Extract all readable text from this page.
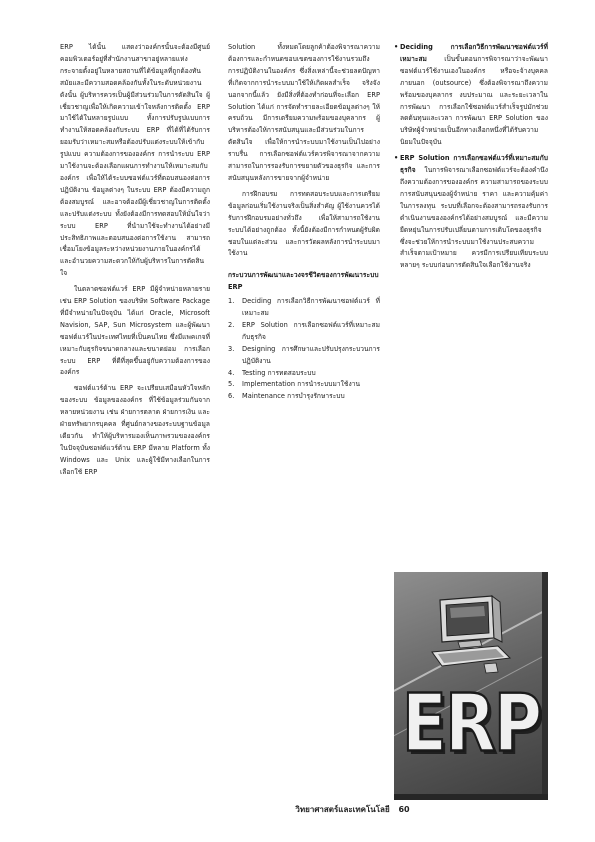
ERP ได้นั้น แสดงว่าองค์กรนั้นจะต้องมีศูนย์คอมพิวเตอร์อยู่ที่สำนักงานสาขาอยู่หลายแห่ง กระจายตั้งอยู่ในหลายสถานที่ได้ข้อมูลที่ถูกต้องทันสมัยและมีความสอดคล้องกันทั้งในระดับหน่วยงาน ดังนั้น ผู้บริหารควรเป็นผู้มีส่วนร่วมในการตัดสินใจ ผู้เชี่ยวชาญเพื่อให้เกิดความเข้าใจหลังการติดตั้ง ERP มาใช้ได้ในหลายรูปแบบ ทั้งการปรับรูปแบบการทำงานให้สอดคล้องกับระบบ ERP ที่ได้ที่ได้รับการยอมรับว่าเหมาะสมหรือต้องปรับแต่งระบบให้เข้ากับรูปแบบ ความต้องการขององค์กร การนำระบบ ERP มาใช้งานจะต้องเลือกแผนการทำงานให้เหมาะสมกับองค์กร เพื่อให้ได้ระบบซอฟต์แวร์ที่ตอบสนองต่อการปฏิบัติงาน ข้อมูลต่างๆ ในระบบ ERP ต้องมีความถูกต้องสมบูรณ์ และอาจต้องมีผู้เชี่ยวชาญในการติดตั้งและปรับแต่งระบบ ทั้งยังต้องมีการทดสอบให้มั่นใจว่าระบบ ERP ที่นำมาใช้จะทำงานได้อย่างมีประสิทธิภาพและตอบสนองต่อการใช้งาน สามารถเชื่อมโยงข้อมูลระหว่างหน่วยงานภายในองค์กรได้ และอำนวยความสะดวกให้กับผู้บริหารในการตัดสินใจ

ในตลาดซอฟต์แวร์ ERP มีผู้จำหน่ายหลายราย เช่น ERP Solution ของบริษัท Software Package ที่มีจำหน่ายในปัจจุบัน ได้แก่ Oracle, Microsoft Navision, SAP, Sun Microsystem และผู้พัฒนาซอฟต์แวร์ในประเทศไทยที่เป็นคนไทย ซึ่งมีแพคเกจที่เหมาะกับธุรกิจขนาดกลางและขนาดย่อม การเลือกระบบ ERP ที่ดีที่สุดขึ้นอยู่กับความต้องการขององค์กร

ซอฟต์แวร์ด้าน ERP จะเปรียบเสมือนหัวใจหลักของระบบ ข้อมูลขององค์กร ที่ใช้ข้อมูลร่วมกันจากหลายหน่วยงาน เช่น ฝ่ายการตลาด ฝ่ายการเงิน และฝ่ายทรัพยากรบุคคล ที่ศูนย์กลางของระบบฐานข้อมูลเดียวกัน ทำให้ผู้บริหารมองเห็นภาพรวมขององค์กร ในปัจจุบันซอฟต์แวร์ด้าน ERP มีหลาย Platform ทั้ง Windows และ Unix และผู้ใช้มีทางเลือกในการเลือกใช้ ERP

Solution ทั้งหมดโดยลูกค้าต้องพิจารณาความต้องการและกำหนดขอบเขตของการใช้งานรวมถึงการปฏิบัติงานในองค์กร ซึ่งสิ่งเหล่านี้จะช่วยลดปัญหาที่เกิดจากการนำระบบมาใช้ให้เกิดผลสำเร็จ จริงจังนอกจากนี้แล้ว ยังมีสิ่งที่ต้องทำก่อนที่จะเลือก ERP Solution ได้แก่ การจัดทำรายละเอียดข้อมูลต่างๆ ให้ครบถ้วน มีการเตรียมความพร้อมของบุคลากร ผู้บริหารต้องให้การสนับสนุนและมีส่วนร่วมในการตัดสินใจ เพื่อให้การนำระบบมาใช้งานเป็นไปอย่างราบรื่น การเลือกซอฟต์แวร์ควรพิจารณาจากความสามารถในการรองรับการขยายตัวของธุรกิจ และการสนับสนุนหลังการขายจากผู้จำหน่าย

การฝึกอบรม การทดสอบระบบและการเตรียมข้อมูลก่อนเริ่มใช้งานจริงเป็นสิ่งสำคัญ ผู้ใช้งานควรได้รับการฝึกอบรมอย่างทั่วถึง เพื่อให้สามารถใช้งานระบบได้อย่างถูกต้อง ทั้งนี้ยังต้องมีการกำหนดผู้รับผิดชอบในแต่ละส่วน และการวัดผลหลังการนำระบบมาใช้งาน

กระบวนการพัฒนาและวงจรชีวิตของการพัฒนาระบบ ERP

1. Deciding การเลือกวิธีการพัฒนาซอฟต์แวร์ ที่เหมาะสม
2. ERP Solution การเลือกซอฟต์แวร์ที่เหมาะสมกับธุรกิจ
3. Designing การศึกษาและปรับปรุงกระบวนการปฏิบัติงาน
4. Testing การทดสอบระบบ
5. Implementation การนำระบบมาใช้งาน
6. Maintenance การบำรุงรักษาระบบ

• Deciding การเลือกวิธีการพัฒนาซอฟต์แวร์ที่เหมาะสม	เป็นขั้นตอนการพิจารณาว่าจะพัฒนาซอฟต์แวร์ใช้งานเองในองค์กร หรือจะจ้างบุคคลภายนอก (outsource) ซึ่งต้องพิจารณาถึงความพร้อมของบุคลากร งบประมาณ และระยะเวลาในการพัฒนา การเลือกใช้ซอฟต์แวร์สำเร็จรูปมักช่วยลดต้นทุนและเวลา การพัฒนา ERP Solution ของบริษัทผู้จำหน่ายเป็นอีกทางเลือกหนึ่งที่ได้รับความนิยมในปัจจุบัน

• ERP Solution การเลือกซอฟต์แวร์ที่เหมาะสมกับธุรกิจ ในการพิจารณาเลือกซอฟต์แวร์จะต้องคำนึงถึงความต้องการขององค์กร ความสามารถของระบบ การสนับสนุนของผู้จำหน่าย ราคา และความคุ้มค่าในการลงทุน ระบบที่เลือกจะต้องสามารถรองรับการดำเนินงานขององค์กรได้อย่างสมบูรณ์ และมีความยืดหยุ่นในการปรับเปลี่ยนตามการเติบโตของธุรกิจ ซึ่งจะช่วยให้การนำระบบมาใช้งานประสบความสำเร็จตามเป้าหมาย ควรมีการเปรียบเทียบระบบหลายๆ ระบบก่อนการตัดสินใจเลือกใช้งานจริง

ERP
วิทยาศาสตร์และเทคโนโลยี 60
